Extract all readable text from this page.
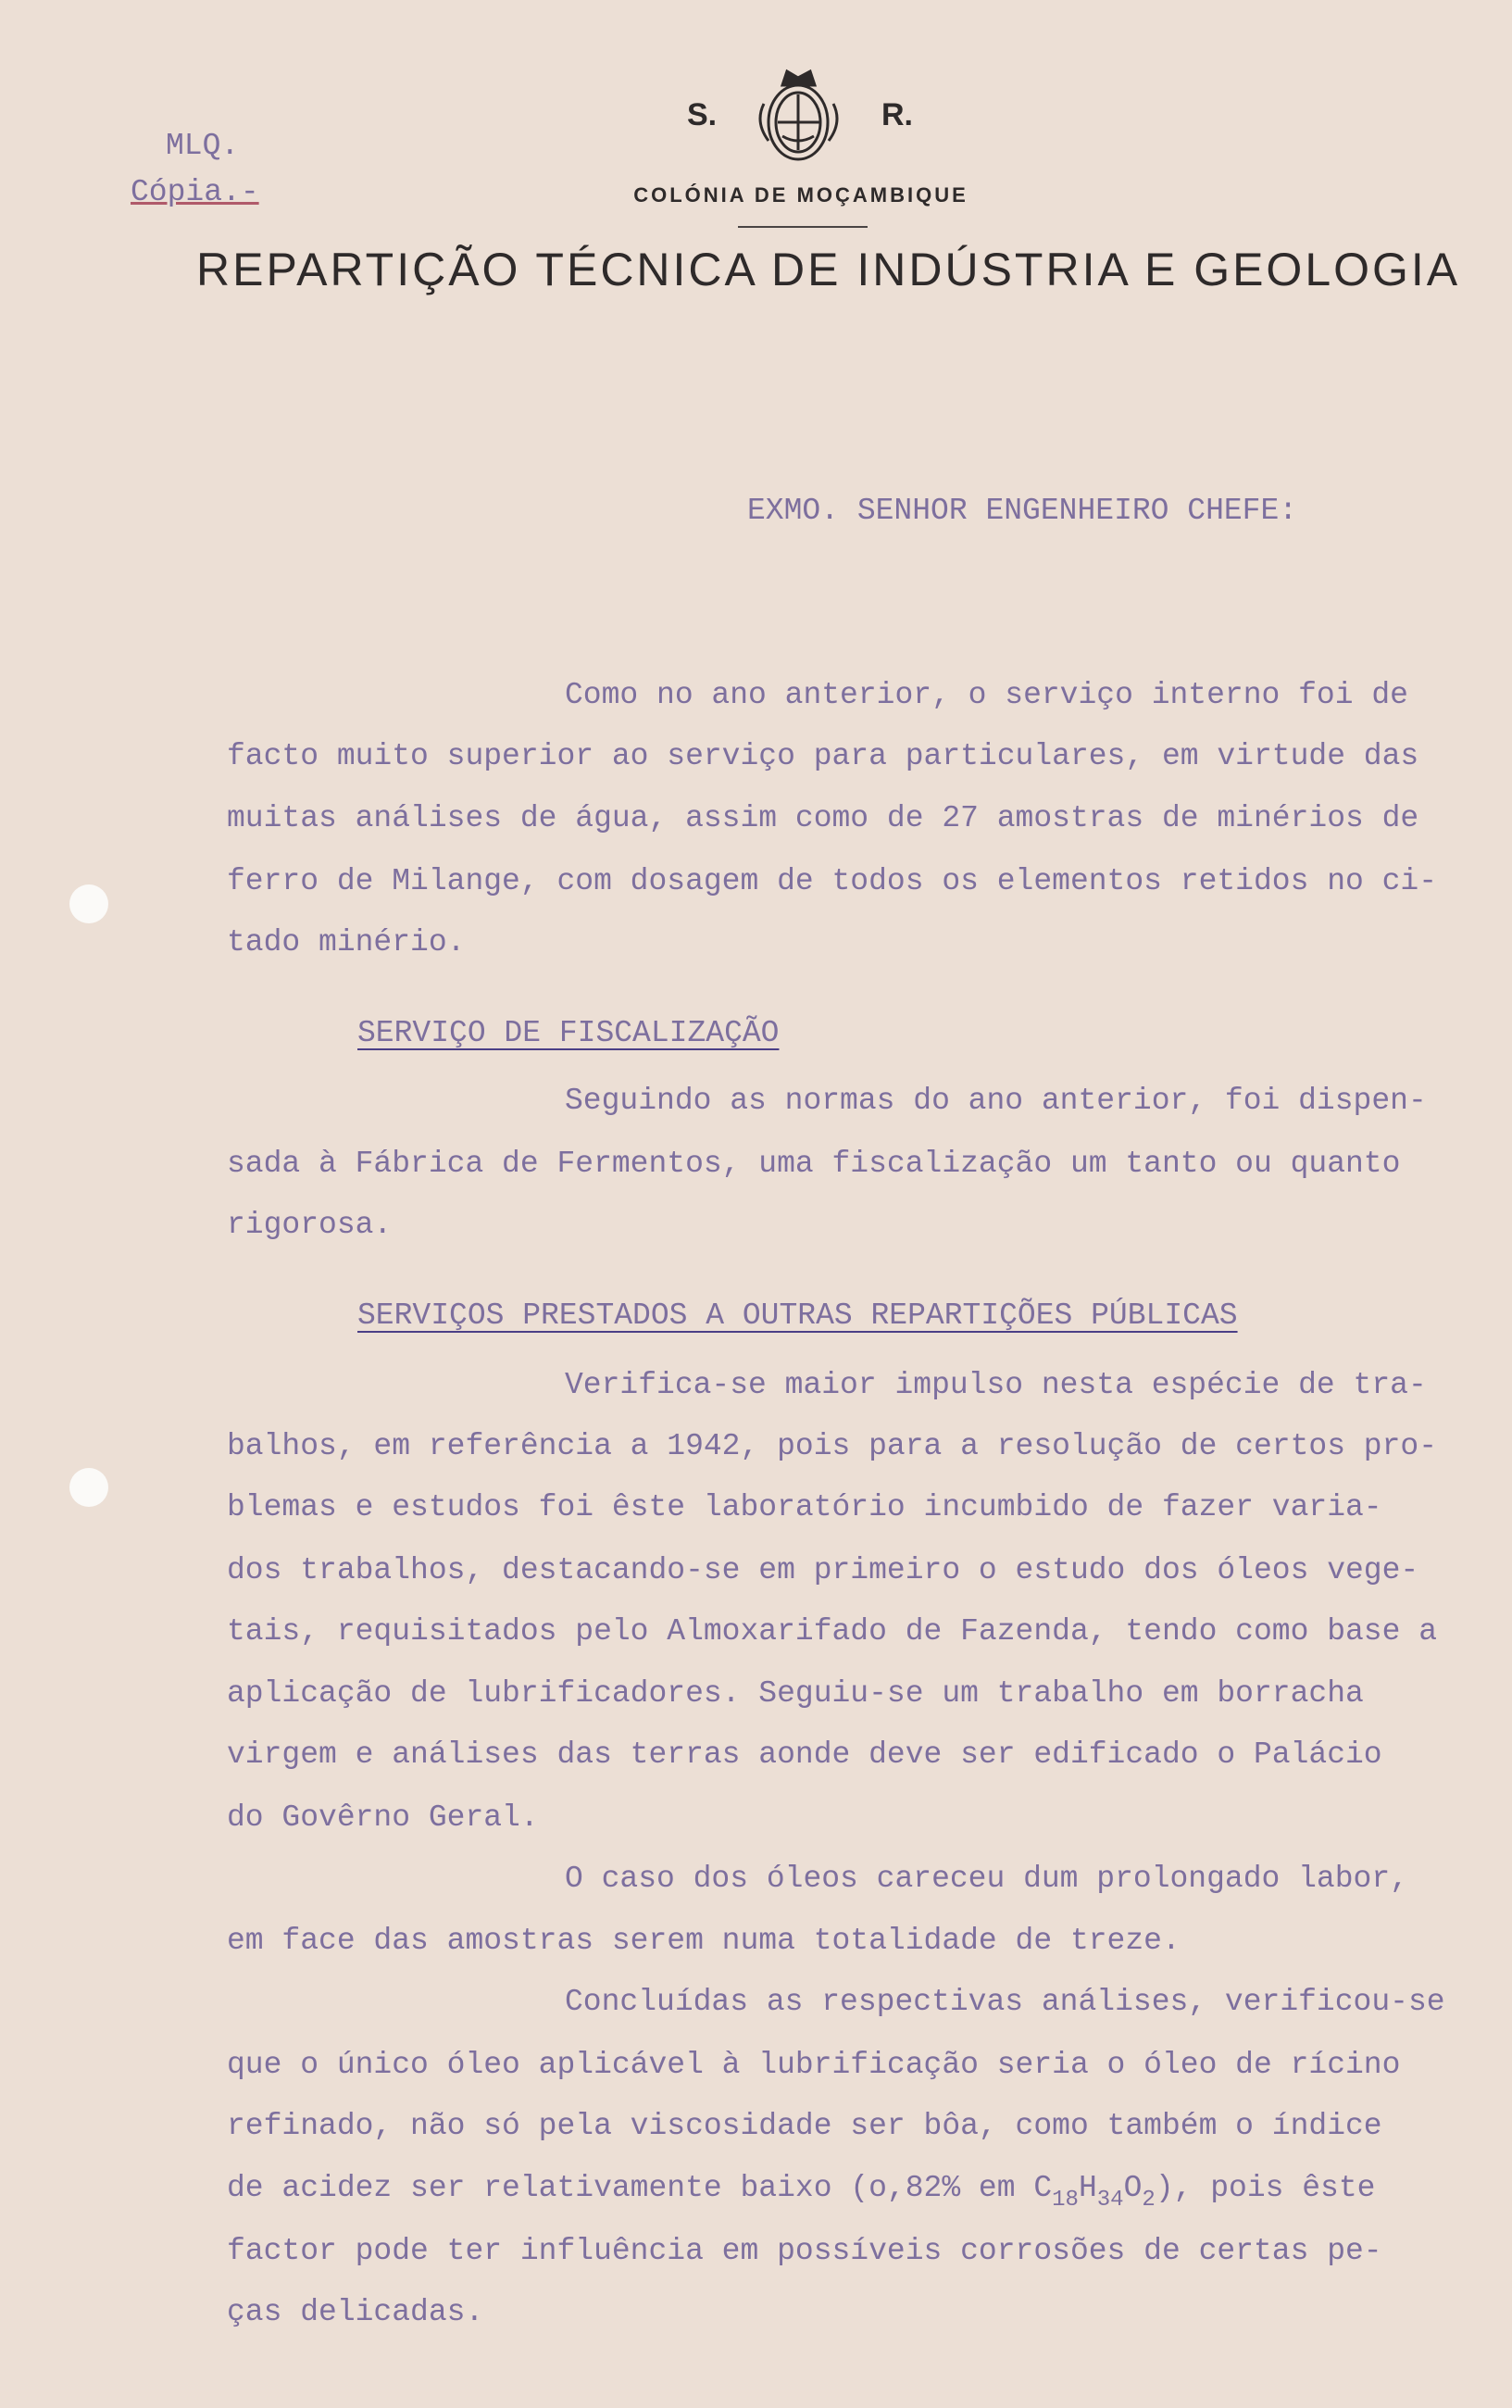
MLQ.
Cópia.-
S.	R.
COLÓNIA DE MOÇAMBIQUE
REPARTIÇÃO TÉCNICA DE INDÚSTRIA E GEOLOGIA
EXMO. SENHOR ENGENHEIRO CHEFE:
Como no ano anterior, o serviço interno foi de
facto muito superior ao serviço para particulares, em virtude das
muitas análises de água, assim como de 27 amostras de minérios de
ferro de Milange, com dosagem de todos os elementos retidos no ci-
tado minério.
Seguindo as normas do ano anterior, foi dispen-
sada à Fábrica de Fermentos, uma fiscalização um tanto ou quanto
rigorosa.
Verifica-se maior impulso nesta espécie de tra-
balhos, em referência a 1942, pois para a resolução de certos pro-
blemas e estudos foi êste laboratório incumbido de fazer varia-
dos trabalhos, destacando-se em primeiro o estudo dos óleos vege-
tais, requisitados pelo Almoxarifado de Fazenda, tendo como base a
aplicação de lubrificadores. Seguiu-se um trabalho em borracha
virgem e análises das terras aonde deve ser edificado o Palácio
do Govêrno Geral.
O caso dos óleos careceu dum prolongado labor,
em face das amostras serem numa totalidade de treze.
Concluídas as respectivas análises, verificou-se
que o único óleo aplicável à lubrificação seria o óleo de rícino
refinado, não só pela viscosidade ser bôa, como também o índice
factor pode ter influência em possíveis corrosões de certas pe-
ças delicadas.
SERVIÇO DE FISCALIZAÇÃO
SERVIÇOS PRESTADOS A OUTRAS REPARTIÇÕES PÚBLICAS
de acidez ser relativamente baixo (o,82% em $C_{18}H_{34}O_2$), pois êste
